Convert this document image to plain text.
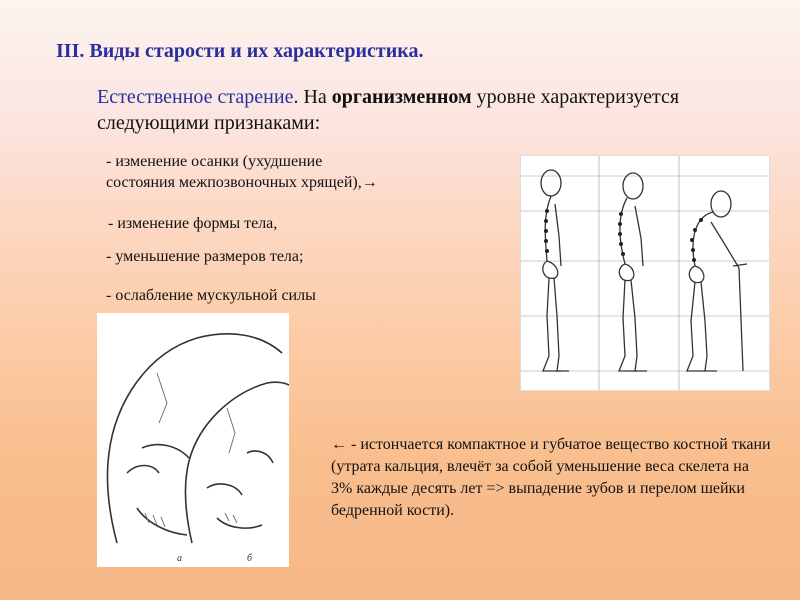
III. Виды старости и их характеристика.
Естественное старение. На организменном уровне характеризуется следующими признаками:
- изменение осанки (ухудшение
состояния межпозвоночных хрящей),→
- изменение формы тела,
- уменьшение размеров тела;
- ослабление мускульной силы
а	б
← - истончается компактное и губчатое вещество костной ткани (утрата кальция, влечёт за собой уменьшение веса скелета на 3% каждые десять лет => выпадение зубов и перелом шейки бедренной кости).
